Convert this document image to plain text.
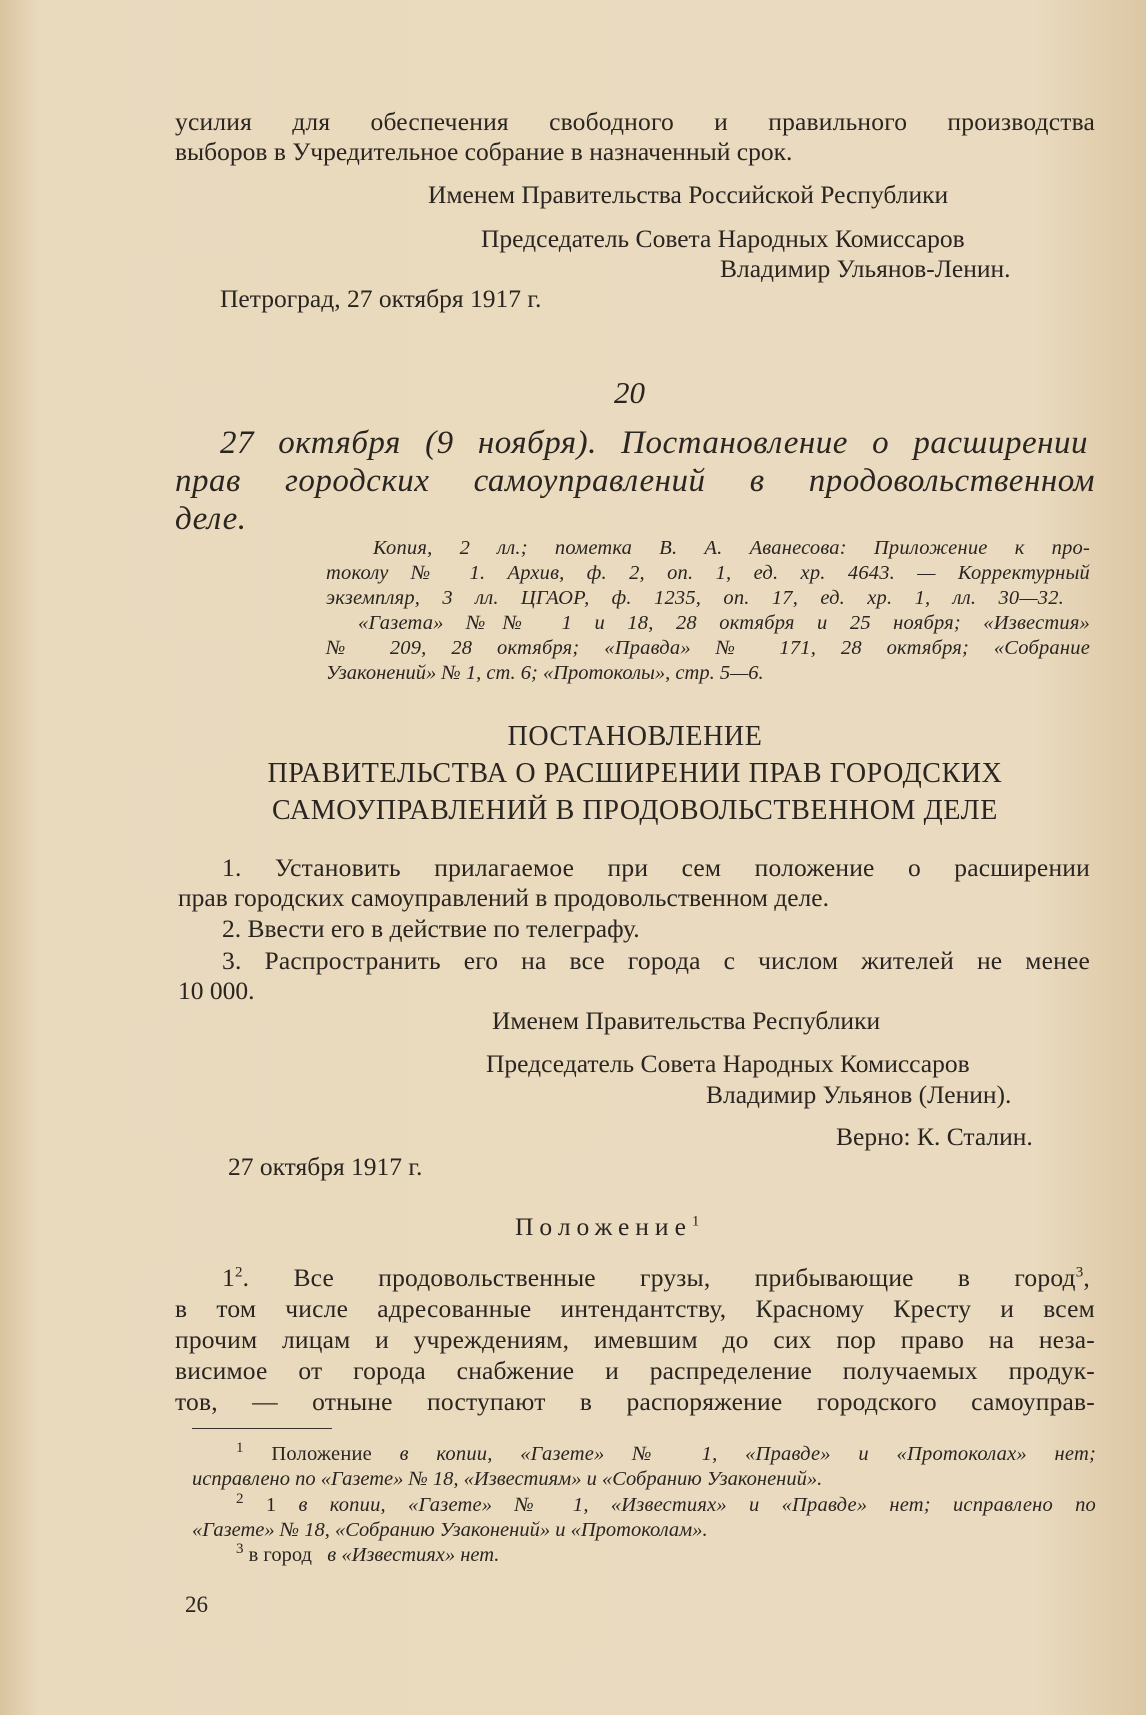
усилия для обеспечения свободного и правильного производства
выборов в Учредительное собрание в назначенный срок.
Именем Правительства Российской Республики
Председатель Совета Народных Комиссаров
Владимир Ульянов-Ленин.
Петроград, 27 октября 1917 г.
20
27 октября (9 ноября). Постановление о расширении
прав городских самоуправлений в продовольственном
деле.
Копия, 2 лл.; пометка В. А. Аванесова: Приложение к про-
токолу № 1. Архив, ф. 2, оп. 1, ед. хр. 4643. — Корректурный
экземпляр, 3 лл. ЦГАОР, ф. 1235, оп. 17, ед. хр. 1, лл. 30—32.
«Газета» №№ 1 и 18, 28 октября и 25 ноября; «Известия»
№ 209, 28 октября; «Правда» № 171, 28 октября; «Собрание
Узаконений» № 1, ст. 6; «Протоколы», стр. 5—6.
ПОСТАНОВЛЕНИЕ
ПРАВИТЕЛЬСТВА О РАСШИРЕНИИ ПРАВ ГОРОДСКИХ
САМОУПРАВЛЕНИЙ В ПРОДОВОЛЬСТВЕННОМ ДЕЛЕ
1. Установить прилагаемое при сем положение о расширении
прав городских самоуправлений в продовольственном деле.
2. Ввести его в действие по телеграфу.
3. Распространить его на все города с числом жителей не менее
10 000.
Именем Правительства Республики
Председатель Совета Народных Комиссаров
Владимир Ульянов (Ленин).
Верно: К. Сталин.
27 октября 1917 г.
Положение$^1$
$1^2$. Все продовольственные грузы, прибывающие в город$^3$,
в том числе адресованные интендантству, Красному Кресту и всем
прочим лицам и учреждениям, имевшим до сих пор право на неза-
висимое от города снабжение и распределение получаемых продук-
тов, — отныне поступают в распоряжение городского самоуправ-
$^1$ Положение в копии, «Газете» № 1, «Правде» и «Протоколах» нет;
исправлено по «Газете» № 18, «Известиям» и «Собранию Узаконений».
$^2$ 1 в копии, «Газете» № 1, «Известиях» и «Правде» нет; исправлено по
«Газете» № 18, «Собранию Узаконений» и «Протоколам».
$^3$ в город в «Известиях» нет.
26
